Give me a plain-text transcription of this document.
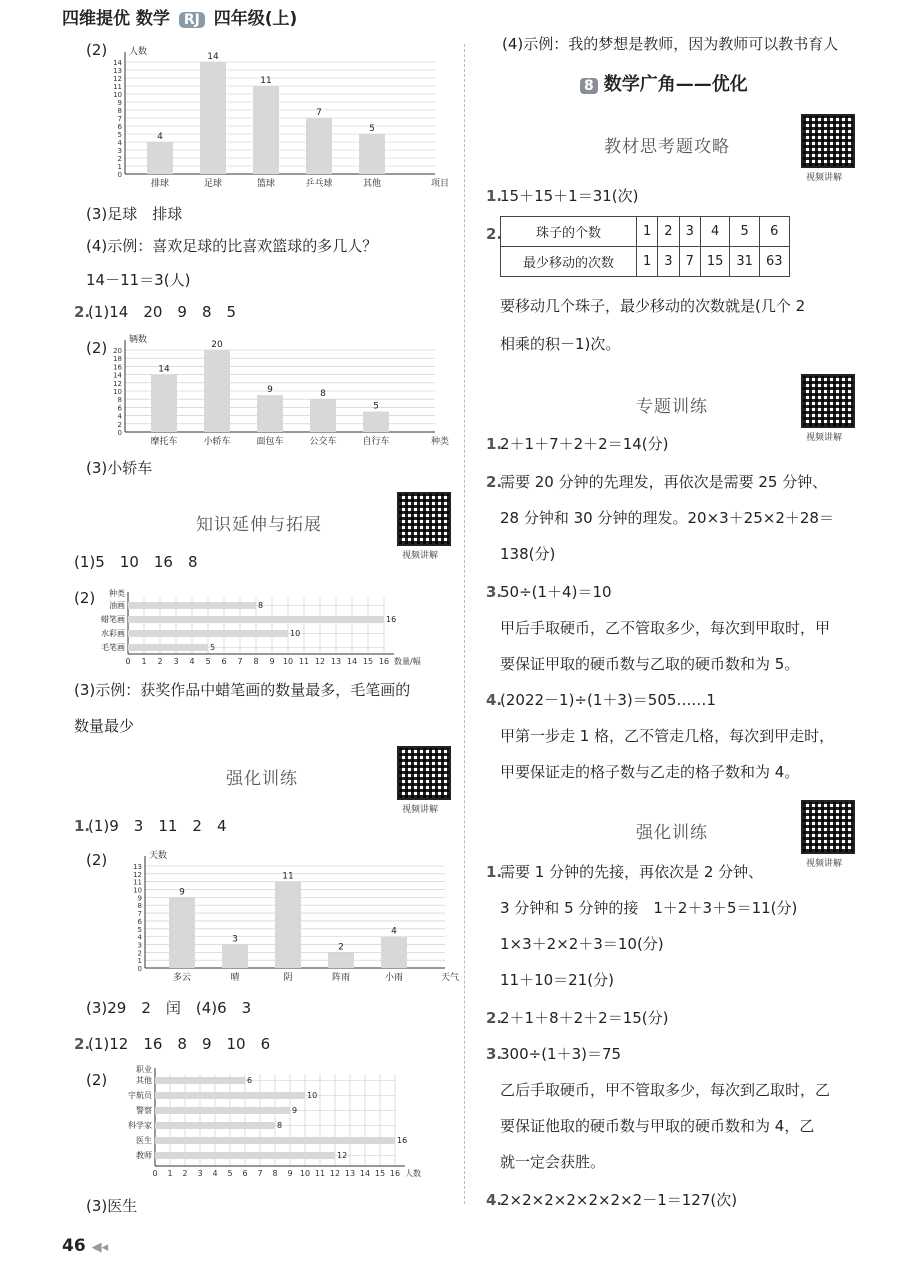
四维提优 数学 RJ 四年级(上)
(2)
0
1
2
3
4
5
6
7
8
9
10
11
12
13
14
人数
项目
4
排球
14
足球
11
篮球
7
乒乓球
5
其他
(3)足球　排球
(4)示例：喜欢足球的比喜欢篮球的多几人？
14－11＝3(人)
2.
(1)14　20　9　8　5
(2)
0
2
4
6
8
10
12
14
16
18
20
辆数
种类
14
摩托车
20
小轿车
9
面包车
8
公交车
5
自行车
(3)小轿车
知识延伸与拓展
视频讲解
(1)5　10　16　8
(2)
0 1 2 3 4 5 6 7 8 9 10 11 12 13 14 15 16
种类
数量/幅
8
油画
16
蜡笔画
10
水彩画
5
毛笔画
(3)示例：获奖作品中蜡笔画的数量最多，毛笔画的
数量最少
强化训练
视频讲解
1.
(1)9　3　11　2　4
(2)
0
1
2
3
4
5
6
7
8
9
10
11
12
13
天数
天气
9
多云
3
晴
11
阴
2
阵雨
4
小雨
(3)29　2　闰　(4)6　3
2.
(1)12　16　8　9　10　6
(2)
0 1 2 3 4 5 6 7 8 9 10 11 12 13 14 15 16
职业
人数
6
其他
10
宇航员
9
警察
8
科学家
16
医生
12
教师
(3)医生
(4)示例：我的梦想是教师，因为教师可以教书育人
8 数学广角——优化
教材思考题攻略
视频讲解
1.
15＋15＋1＝31(次)
2.	珠子的个数	1	2	3	4	5	6
最少移动的次数	1	3	7	15	31	63
要移动几个珠子，最少移动的次数就是(几个 2
相乘的积－1)次。
专题训练
视频讲解
1.
2＋1＋7＋2＋2＝14(分)
2.
需要 20 分钟的先理发，再依次是需要 25 分钟、
28 分钟和 30 分钟的理发。20×3＋25×2＋28＝
138(分)
3.
50÷(1＋4)＝10
甲后手取硬币，乙不管取多少，每次到甲取时，甲
要保证甲取的硬币数与乙取的硬币数和为 5。
4.
(2022－1)÷(1＋3)＝505……1
甲第一步走 1 格，乙不管走几格，每次到甲走时，
甲要保证走的格子数与乙走的格子数和为 4。
强化训练
视频讲解
1.
需要 1 分钟的先接，再依次是 2 分钟、
3 分钟和 5 分钟的接　1＋2＋3＋5＝11(分)
1×3＋2×2＋3＝10(分)
11＋10＝21(分)
2.
2＋1＋8＋2＋2＝15(分)
3.
300÷(1＋3)＝75
乙后手取硬币，甲不管取多少，每次到乙取时，乙
要保证他取的硬币数与甲取的硬币数和为 4，乙
就一定会获胜。
4.
2×2×2×2×2×2×2－1＝127(次)
46 ◀◂
